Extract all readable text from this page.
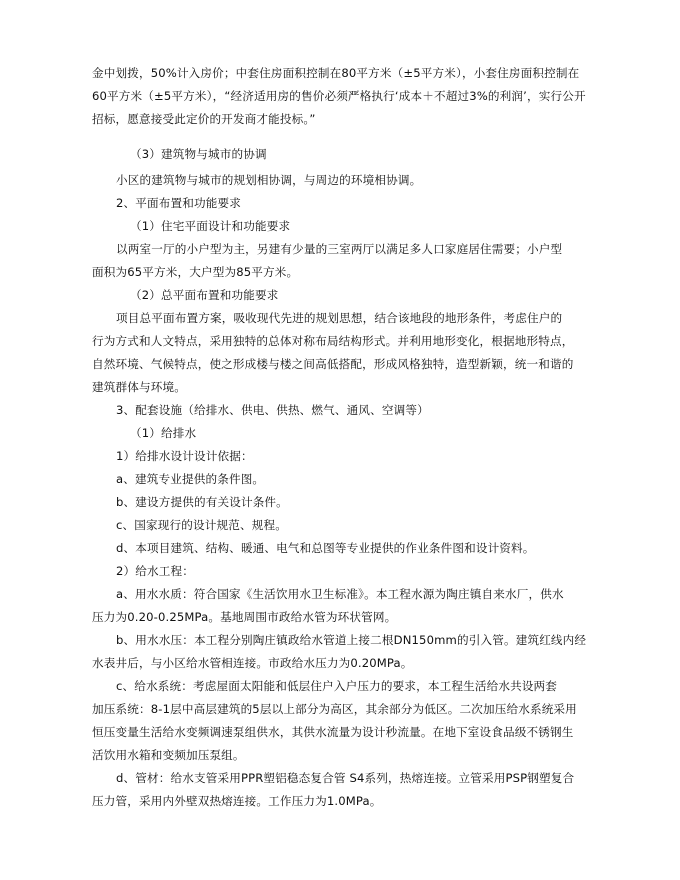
金中划拨，50%计入房价；中套住房面积控制在80平方米（±5平方米），小套住房面积控制在
60平方米（±5平方米），“经济适用房的售价必须严格执行‘成本＋不超过3%的利润’，实行公开
招标，愿意接受此定价的开发商才能投标。”
（3）建筑物与城市的协调
小区的建筑物与城市的规划相协调，与周边的环境相协调。
2、平面布置和功能要求
（1）住宅平面设计和功能要求
以两室一厅的小户型为主，另建有少量的三室两厅以满足多人口家庭居住需要；小户型
面积为65平方米，大户型为85平方米。
（2）总平面布置和功能要求
项目总平面布置方案，吸收现代先进的规划思想，结合该地段的地形条件，考虑住户的
行为方式和人文特点，采用独特的总体对称布局结构形式。并利用地形变化，根据地形特点，
自然环境、气候特点，使之形成楼与楼之间高低搭配，形成风格独特，造型新颖，统一和谐的
建筑群体与环境。
3、配套设施（给排水、供电、供热、燃气、通风、空调等）
（1）给排水
1）给排水设计设计依据：
a、建筑专业提供的条件图。
b、建设方提供的有关设计条件。
c、国家现行的设计规范、规程。
d、本项目建筑、结构、暖通、电气和总图等专业提供的作业条件图和设计资料。
2）给水工程：
a、用水水质：符合国家《生活饮用水卫生标准》。本工程水源为陶庄镇自来水厂，供水
压力为0.20-0.25MPa。基地周围市政给水管为环状管网。
b、用水水压：本工程分别陶庄镇政给水管道上接二根DN150mm的引入管。建筑红线内经
水表井后，与小区给水管相连接。市政给水压力为0.20MPa。
c、给水系统：考虑屋面太阳能和低层住户入户压力的要求，本工程生活给水共设两套
加压系统：8-1层中高层建筑的5层以上部分为高区，其余部分为低区。二次加压给水系统采用
恒压变量生活给水变频调速泵组供水，其供水流量为设计秒流量。在地下室设食品级不锈钢生
活饮用水箱和变频加压泵组。
d、管材：给水支管采用PPR塑铝稳态复合管 S4系列，热熔连接。立管采用PSP钢塑复合
压力管，采用内外壁双热熔连接。工作压力为1.0MPa。
